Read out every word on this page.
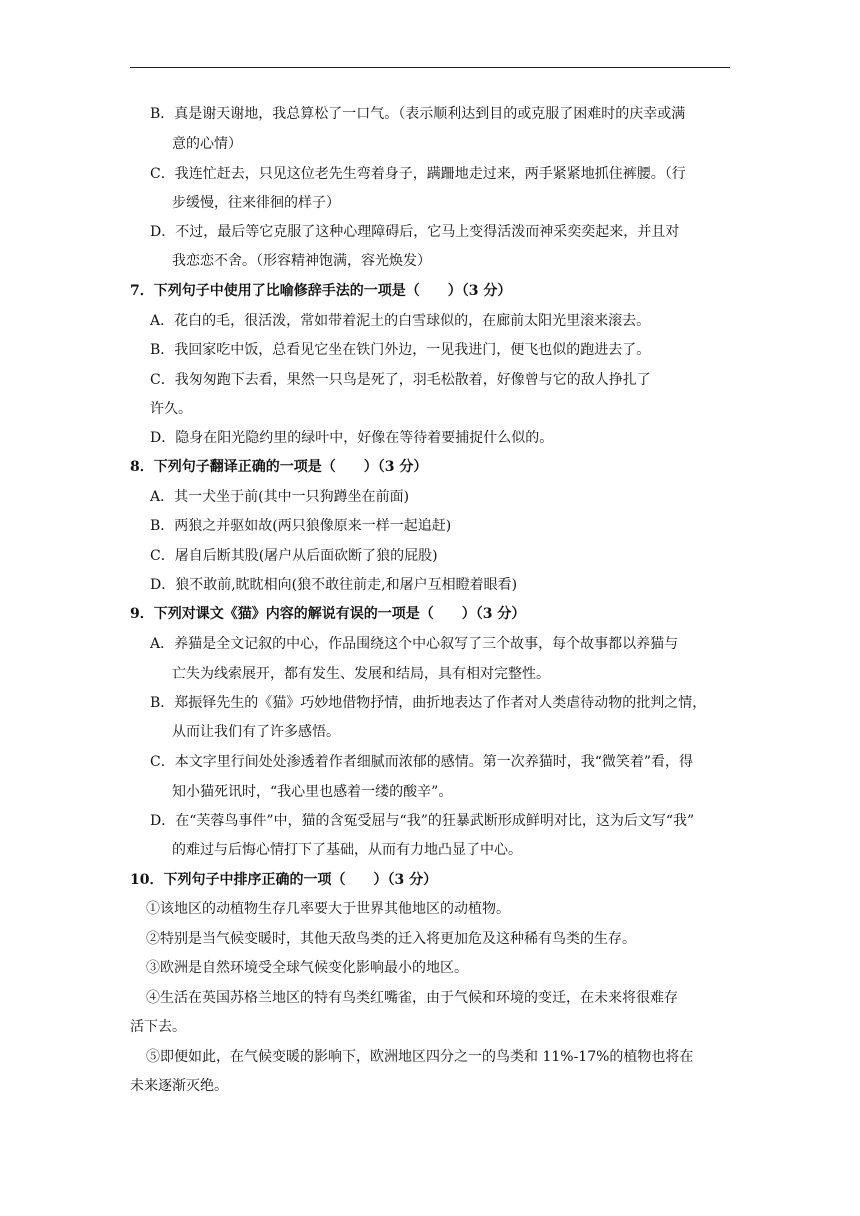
B．真是谢天谢地，我总算松了一口气。（表示顺利达到目的或克服了困难时的庆幸或满
意的心情）
C．我连忙赶去，只见这位老先生弯着身子，蹒跚地走过来，两手紧紧地抓住裤腰。（行
步缓慢，往来徘徊的样子）
D．不过，最后等它克服了这种心理障碍后，它马上变得活泼而神采奕奕起来，并且对
我恋恋不舍。（形容精神饱满，容光焕发）
7．下列句子中使用了比喻修辞手法的一项是（　　）（3 分）
A．花白的毛，很活泼，常如带着泥土的白雪球似的，在廊前太阳光里滚来滚去。
B．我回家吃中饭，总看见它坐在铁门外边，一见我进门，便飞也似的跑进去了。
C．我匆匆跑下去看，果然一只鸟是死了，羽毛松散着，好像曾与它的敌人挣扎了
许久。
D．隐身在阳光隐约里的绿叶中，好像在等待着要捕捉什么似的。
8．下列句子翻译正确的一项是（　　）（3 分）
A．其一犬坐于前(其中一只狗蹲坐在前面)
B．两狼之并驱如故(两只狼像原来一样一起追赶)
C．屠自后断其股(屠户从后面砍断了狼的屁股)
D．狼不敢前,眈眈相向(狼不敢往前走,和屠户互相瞪着眼看)
9．下列对课文《猫》内容的解说有误的一项是（　　）（3 分）
A．养猫是全文记叙的中心，作品围绕这个中心叙写了三个故事，每个故事都以养猫与
亡失为线索展开，都有发生、发展和结局，具有相对完整性。
B．郑振铎先生的《猫》巧妙地借物抒情，曲折地表达了作者对人类虐待动物的批判之情，
从而让我们有了许多感悟。
C．本文字里行间处处渗透着作者细腻而浓郁的感情。第一次养猫时，我“微笑着”看，得
知小猫死讯时，“我心里也感着一缕的酸辛”。
D．在“芙蓉鸟事件”中，猫的含冤受屈与“我”的狂暴武断形成鲜明对比，这为后文写“我”
的难过与后悔心情打下了基础，从而有力地凸显了中心。
10．下列句子中排序正确的一项（　　）（3 分）
①该地区的动植物生存几率要大于世界其他地区的动植物。
②特别是当气候变暖时，其他天敌鸟类的迁入将更加危及这种稀有鸟类的生存。
③欧洲是自然环境受全球气候变化影响最小的地区。
④生活在英国苏格兰地区的特有鸟类红嘴雀，由于气候和环境的变迁，在未来将很难存
活下去。
⑤即便如此，在气候变暖的影响下，欧洲地区四分之一的鸟类和 11%-17%的植物也将在
未来逐渐灭绝。
